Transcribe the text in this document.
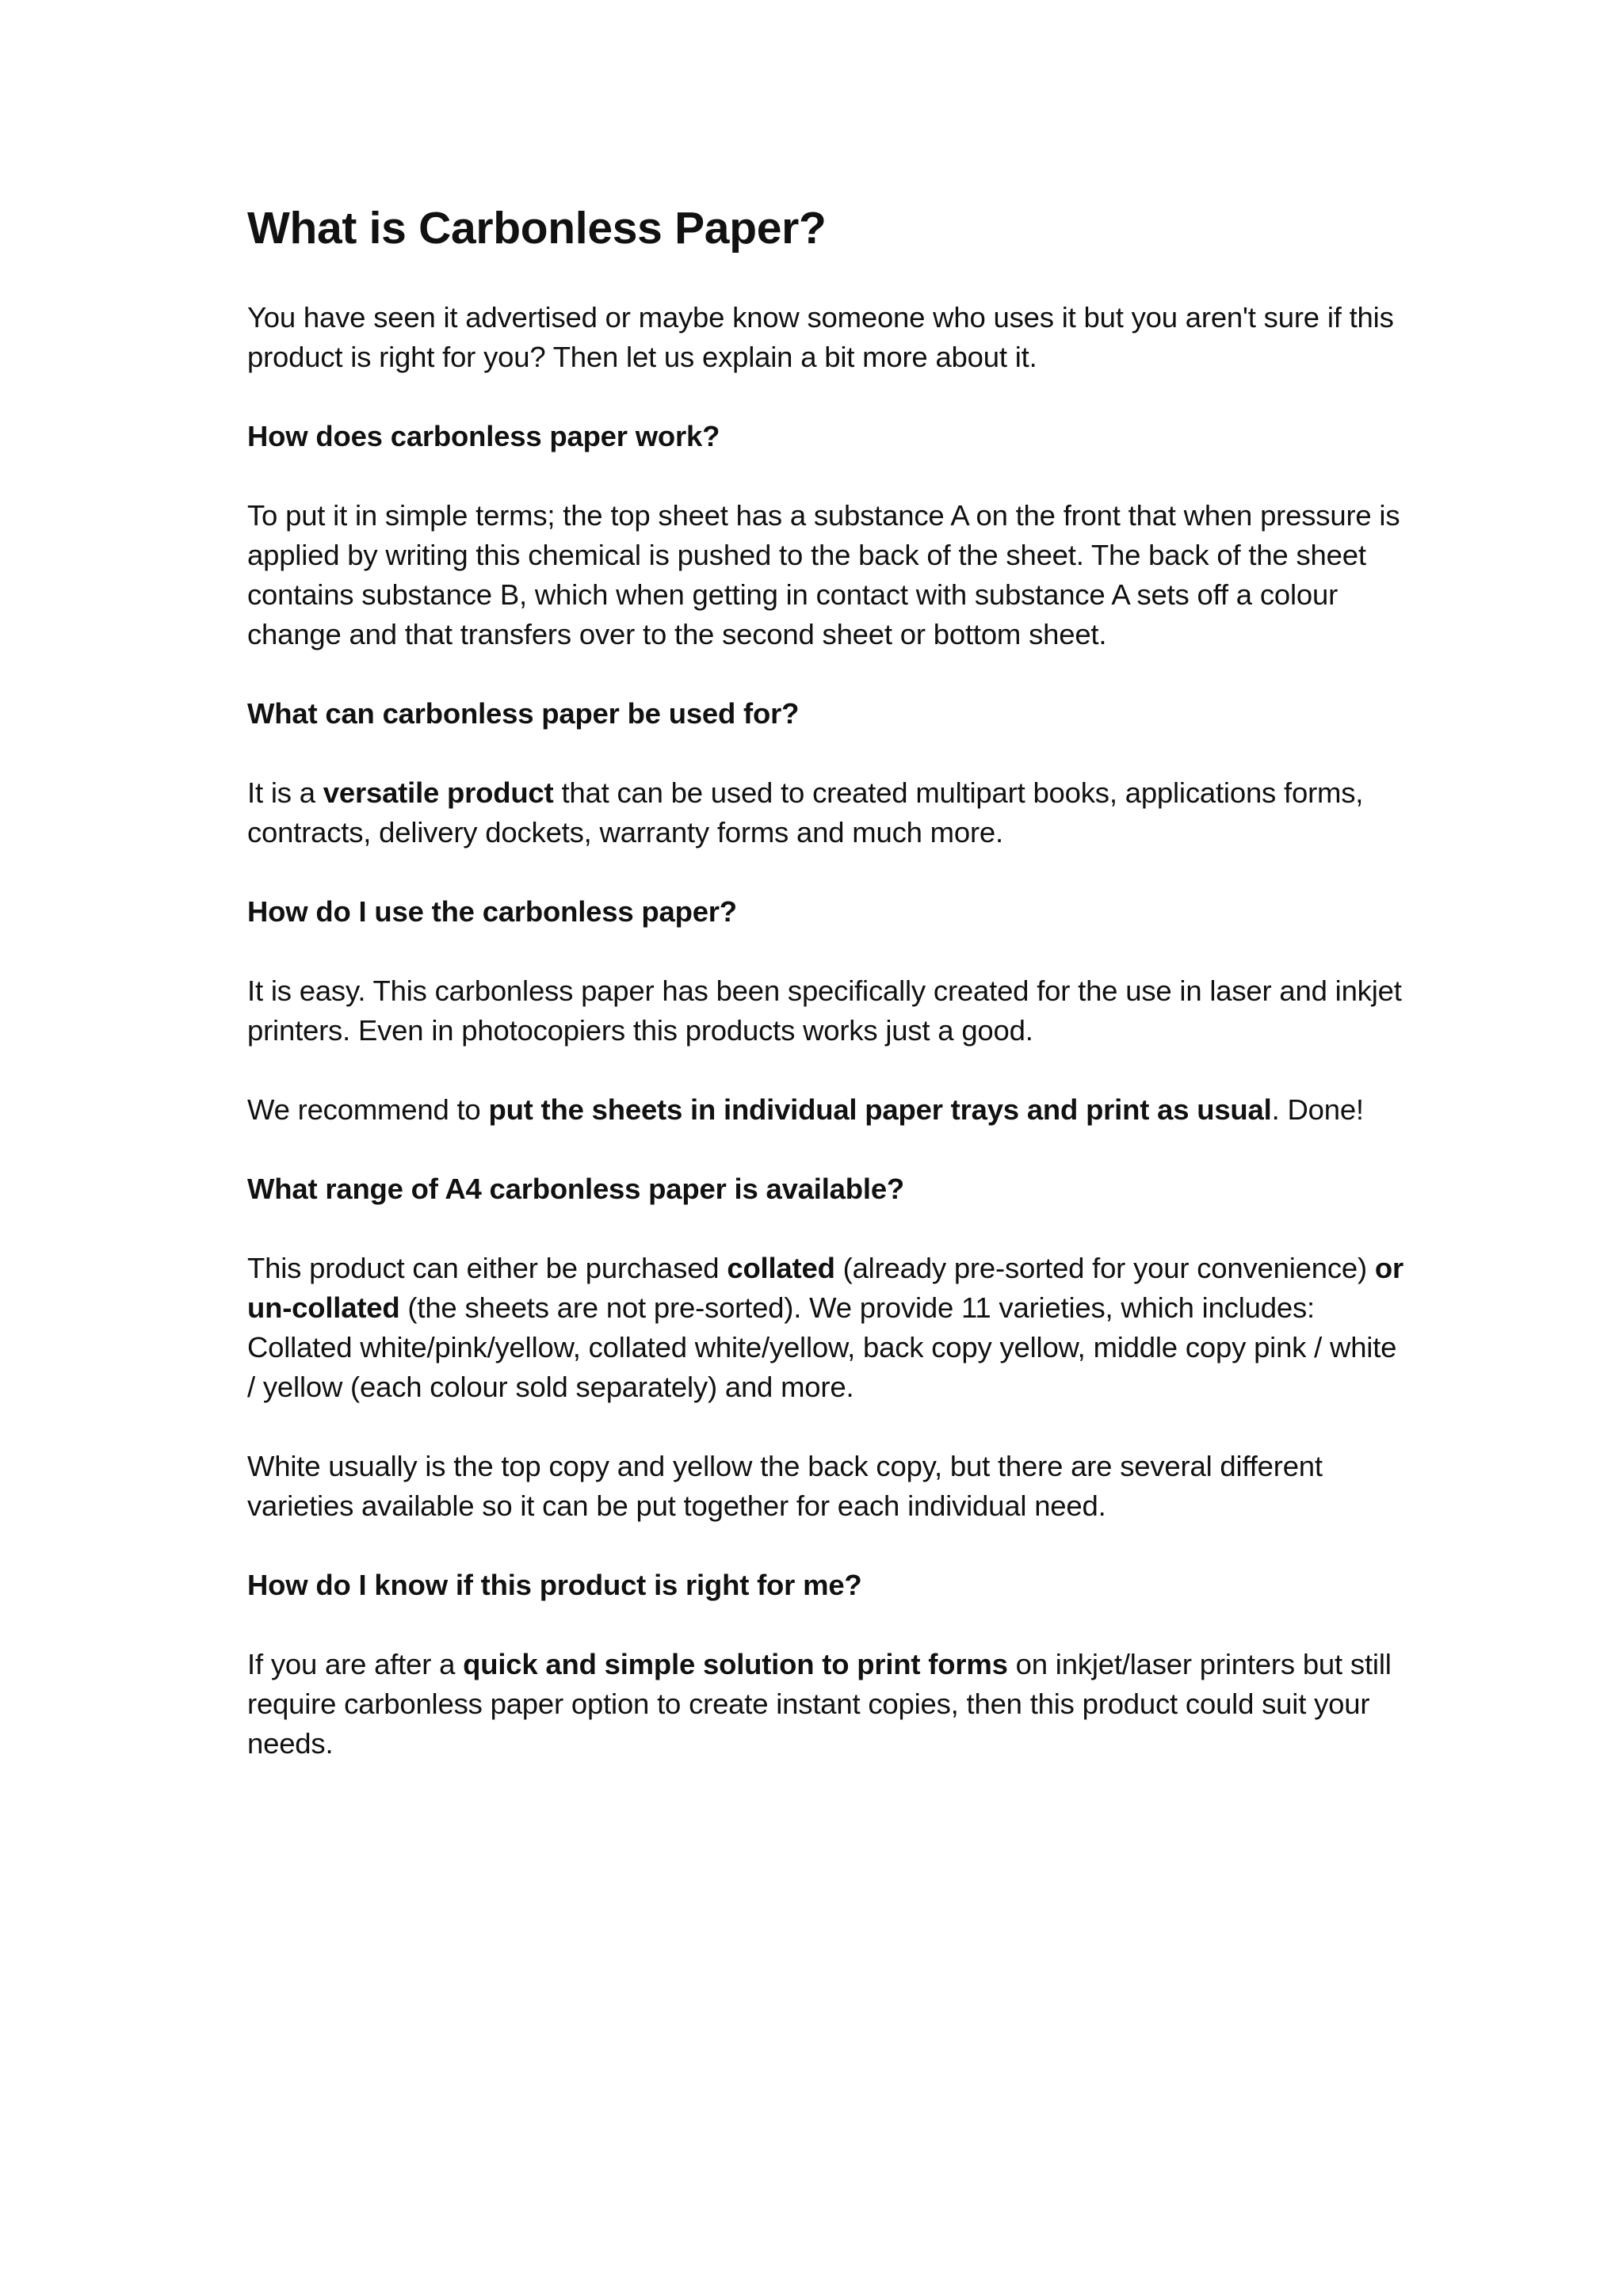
What is Carbonless Paper?

You have seen it advertised or maybe know someone who uses it but you aren't sure if this product is right for you? Then let us explain a bit more about it.

How does carbonless paper work?

To put it in simple terms; the top sheet has a substance A on the front that when pressure is applied by writing this chemical is pushed to the back of the sheet. The back of the sheet contains substance B, which when getting in contact with substance A sets off a colour change and that transfers over to the second sheet or bottom sheet.

What can carbonless paper be used for?

It is a versatile product that can be used to created multipart books, applications forms, contracts, delivery dockets, warranty forms and much more.

How do I use the carbonless paper?

It is easy. This carbonless paper has been specifically created for the use in laser and inkjet printers. Even in photocopiers this products works just a good.

We recommend to put the sheets in individual paper trays and print as usual. Done!

What range of A4 carbonless paper is available?

This product can either be purchased collated (already pre-sorted for your convenience) or un-collated (the sheets are not pre-sorted). We provide 11 varieties, which includes: Collated white/pink/yellow, collated white/yellow, back copy yellow, middle copy pink / white / yellow (each colour sold separately) and more.

White usually is the top copy and yellow the back copy, but there are several different varieties available so it can be put together for each individual need.

How do I know if this product is right for me?

If you are after a quick and simple solution to print forms on inkjet/laser printers but still require carbonless paper option to create instant copies, then this product could suit your needs.
